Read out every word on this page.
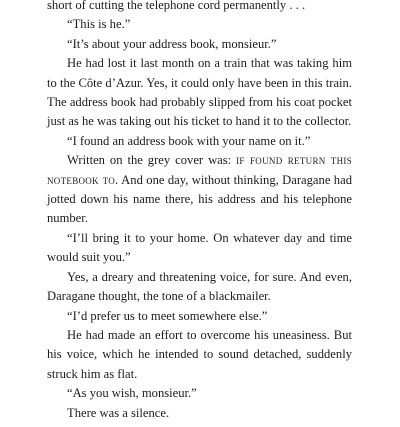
short of cutting the telephone cord permanently . . .

“This is he.”

“It’s about your address book, monsieur.”

He had lost it last month on a train that was taking him to the Côte d’Azur. Yes, it could only have been in this train. The address book had probably slipped from his coat pocket just as he was taking out his ticket to hand it to the collector.

“I found an address book with your name on it.”

Written on the grey cover was: if found return this notebook to. And one day, without thinking, Daragane had jotted down his name there, his address and his telephone number.

“I’ll bring it to your home. On whatever day and time would suit you.”

Yes, a dreary and threatening voice, for sure. And even, Daragane thought, the tone of a blackmailer.

“I’d prefer us to meet somewhere else.”

He had made an effort to overcome his uneasiness. But his voice, which he intended to sound detached, suddenly struck him as flat.

“As you wish, monsieur.”

There was a silence.
